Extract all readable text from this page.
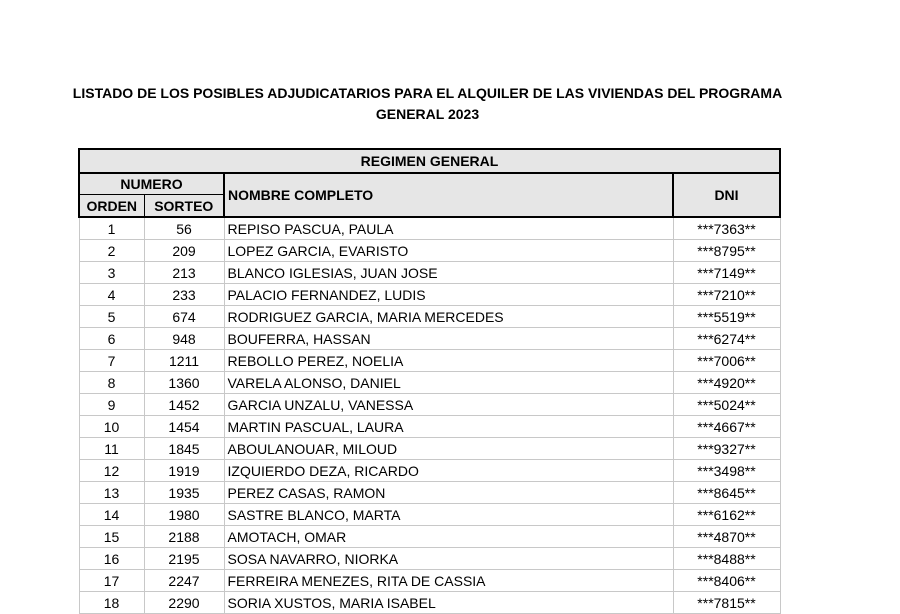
LISTADO DE LOS POSIBLES ADJUDICATARIOS PARA EL ALQUILER DE LAS VIVIENDAS DEL PROGRAMA
GENERAL 2023
REGIMEN GENERAL			
NUMERO		NOMBRE COMPLETO	DNI
ORDEN	SORTEO		
1	56	REPISO PASCUA, PAULA	***7363**
2	209	LOPEZ GARCIA, EVARISTO	***8795**
3	213	BLANCO IGLESIAS, JUAN JOSE	***7149**
4	233	PALACIO FERNANDEZ, LUDIS	***7210**
5	674	RODRIGUEZ GARCIA, MARIA MERCEDES	***5519**
6	948	BOUFERRA, HASSAN	***6274**
7	1211	REBOLLO PEREZ, NOELIA	***7006**
8	1360	VARELA ALONSO, DANIEL	***4920**
9	1452	GARCIA UNZALU, VANESSA	***5024**
10	1454	MARTIN PASCUAL, LAURA	***4667**
11	1845	ABOULANOUAR, MILOUD	***9327**
12	1919	IZQUIERDO DEZA, RICARDO	***3498**
13	1935	PEREZ CASAS, RAMON	***8645**
14	1980	SASTRE BLANCO, MARTA	***6162**
15	2188	AMOTACH, OMAR	***4870**
16	2195	SOSA NAVARRO, NIORKA	***8488**
17	2247	FERREIRA MENEZES, RITA DE CASSIA	***8406**
18	2290	SORIA XUSTOS, MARIA ISABEL	***7815**
